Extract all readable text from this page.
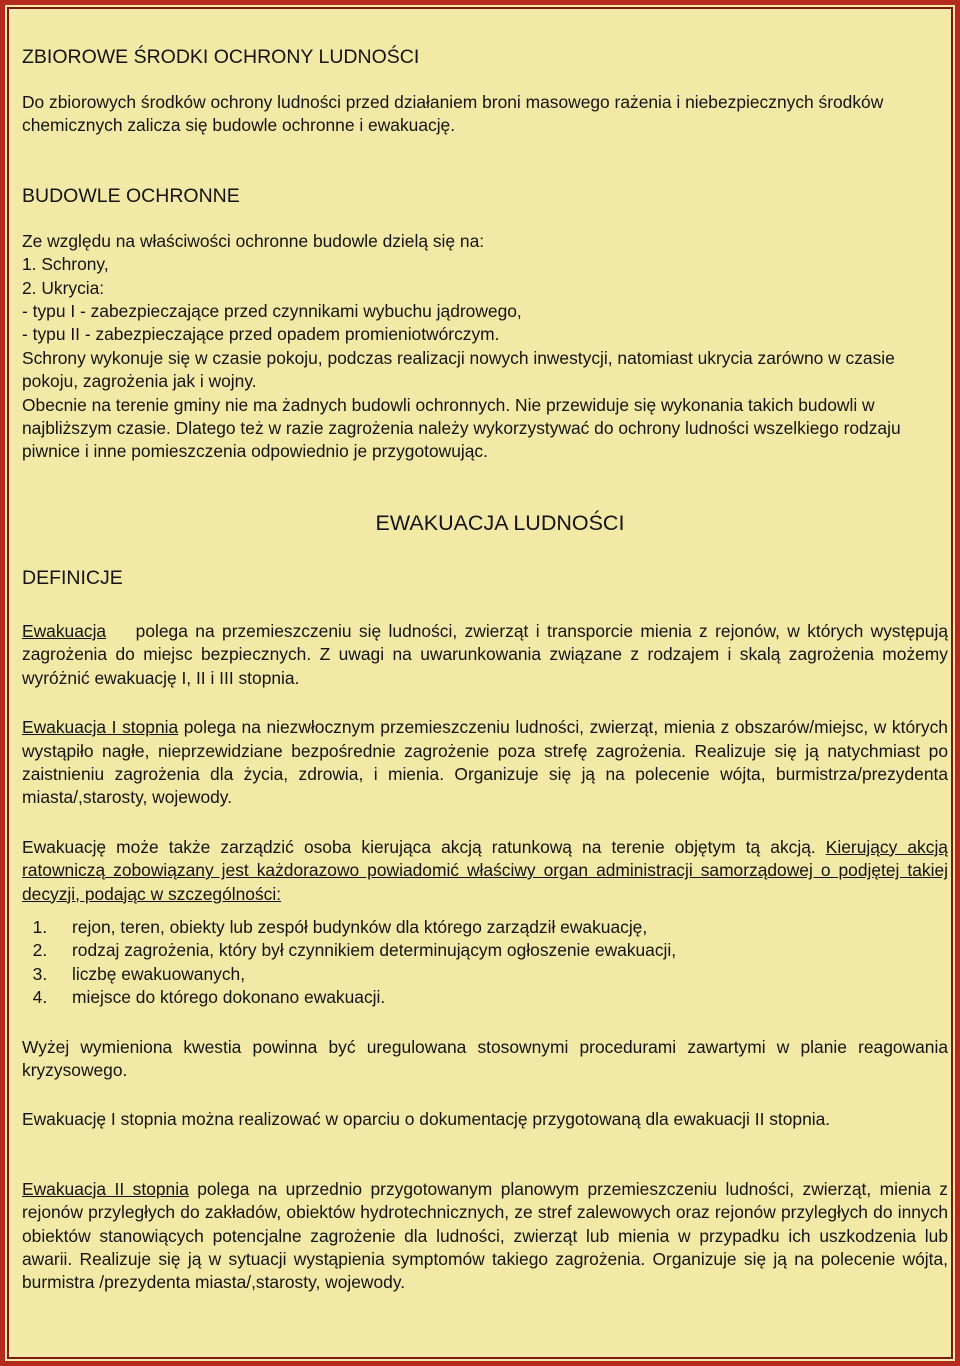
ZBIOROWE ŚRODKI OCHRONY LUDNOŚCI

Do zbiorowych środków ochrony ludności przed działaniem broni masowego rażenia i niebezpiecznych środków chemicznych zalicza się budowle ochronne i ewakuację.

BUDOWLE OCHRONNE

Ze względu na właściwości ochronne budowle dzielą się na:

1. Schrony,

2. Ukrycia:

- typu I - zabezpieczające przed czynnikami wybuchu jądrowego,

- typu II - zabezpieczające przed opadem promieniotwórczym.

Schrony wykonuje się w czasie pokoju, podczas realizacji nowych inwestycji, natomiast ukrycia zarówno w czasie pokoju, zagrożenia jak i wojny.

Obecnie na terenie gminy nie ma żadnych budowli ochronnych. Nie przewiduje się wykonania takich budowli w najbliższym czasie. Dlatego też w razie zagrożenia należy wykorzystywać do ochrony ludności wszelkiego rodzaju piwnice i inne pomieszczenia odpowiednio je przygotowując.

EWAKUACJA LUDNOŚCI

DEFINICJE

Ewakuacja polega na przemieszczeniu się ludności, zwierząt i transporcie mienia z rejonów, w których występują zagrożenia do miejsc bezpiecznych. Z uwagi na uwarunkowania związane z rodzajem i skalą zagrożenia możemy wyróżnić ewakuację I, II i III stopnia.

Ewakuacja I stopnia polega na niezwłocznym przemieszczeniu ludności, zwierząt, mienia z obszarów/miejsc, w których wystąpiło nagłe, nieprzewidziane bezpośrednie zagrożenie poza strefę zagrożenia. Realizuje się ją natychmiast po zaistnieniu zagrożenia dla życia, zdrowia, i mienia. Organizuje się ją na polecenie wójta, burmistrza/prezydenta miasta/,starosty, wojewody.

Ewakuację może także zarządzić osoba kierująca akcją ratunkową na terenie objętym tą akcją. Kierujący akcją ratowniczą zobowiązany jest każdorazowo powiadomić właściwy organ administracji samorządowej o podjętej takiej decyzji, podając w szczególności:

1. rejon, teren, obiekty lub zespół budynków dla którego zarządził ewakuację,
2. rodzaj zagrożenia, który był czynnikiem determinującym ogłoszenie ewakuacji,
3. liczbę ewakuowanych,
4. miejsce do którego dokonano ewakuacji.

Wyżej wymieniona kwestia powinna być uregulowana stosownymi procedurami zawartymi w planie reagowania kryzysowego.

Ewakuację I stopnia można realizować w oparciu o dokumentację przygotowaną dla ewakuacji II stopnia.

Ewakuacja II stopnia polega na uprzednio przygotowanym planowym przemieszczeniu ludności, zwierząt, mienia z rejonów przyległych do zakładów, obiektów hydrotechnicznych, ze stref zalewowych oraz rejonów przyległych do innych obiektów stanowiących potencjalne zagrożenie dla ludności, zwierząt lub mienia w przypadku ich uszkodzenia lub awarii. Realizuje się ją w sytuacji wystąpienia symptomów takiego zagrożenia. Organizuje się ją na polecenie wójta, burmistra /prezydenta miasta/,starosty, wojewody.
